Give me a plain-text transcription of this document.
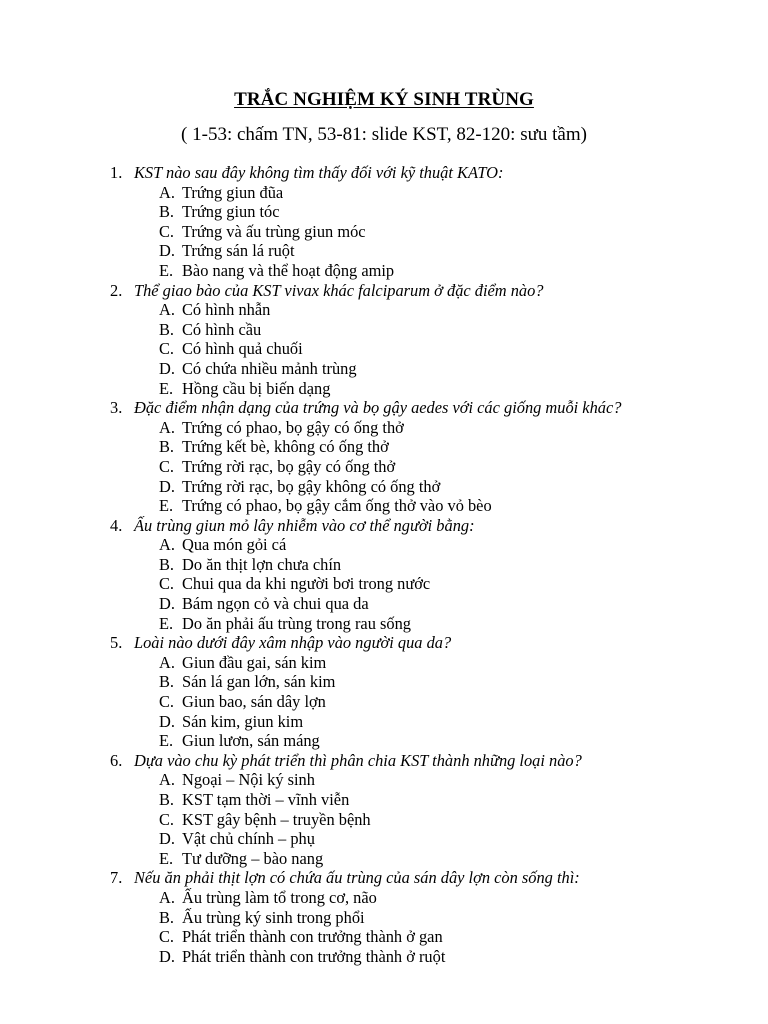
TRẮC NGHIỆM KÝ SINH TRÙNG
( 1-53: chấm TN, 53-81: slide KST, 82-120: sưu tầm)
1. KST nào sau đây không tìm thấy đối với kỹ thuật KATO:
A. Trứng giun đũa
B. Trứng giun tóc
C. Trứng và ấu trùng giun móc
D. Trứng sán lá ruột
E. Bào nang và thể hoạt động amip
2. Thể giao bào của KST vivax khác falciparum ở đặc điểm nào?
A. Có hình nhẫn
B. Có hình cầu
C. Có hình quả chuối
D. Có chứa nhiều mảnh trùng
E. Hồng cầu bị biến dạng
3. Đặc điểm nhận dạng của trứng và bọ gậy aedes với các giống muỗi khác?
A. Trứng có phao, bọ gậy có ống thở
B. Trứng kết bè, không có ống thở
C. Trứng rời rạc, bọ gậy có ống thở
D. Trứng rời rạc, bọ gậy không có ống thở
E. Trứng có phao, bọ gậy cắm ống thở vào vỏ bèo
4. Ấu trùng giun mỏ lây nhiễm vào cơ thể người bằng:
A. Qua món gỏi cá
B. Do ăn thịt lợn chưa chín
C. Chui qua da khi người bơi trong nước
D. Bám ngọn cỏ và chui qua da
E. Do ăn phải ấu trùng trong rau sống
5. Loài nào dưới đây xâm nhập vào người qua da?
A. Giun đầu gai, sán kim
B. Sán lá gan lớn, sán kim
C. Giun bao, sán dây lợn
D. Sán kim, giun kim
E. Giun lươn, sán máng
6. Dựa vào chu kỳ phát triển thì phân chia KST thành những loại nào?
A. Ngoại – Nội ký sinh
B. KST tạm thời – vĩnh viễn
C. KST gây bệnh – truyền bệnh
D. Vật chủ chính – phụ
E. Tư dưỡng – bào nang
7. Nếu ăn phải thịt lợn có chứa ấu trùng của sán dây lợn còn sống thì:
A. Ấu trùng làm tổ trong cơ, não
B. Ấu trùng ký sinh trong phổi
C. Phát triển thành con trưởng thành ở gan
D. Phát triển thành con trưởng thành ở ruột
